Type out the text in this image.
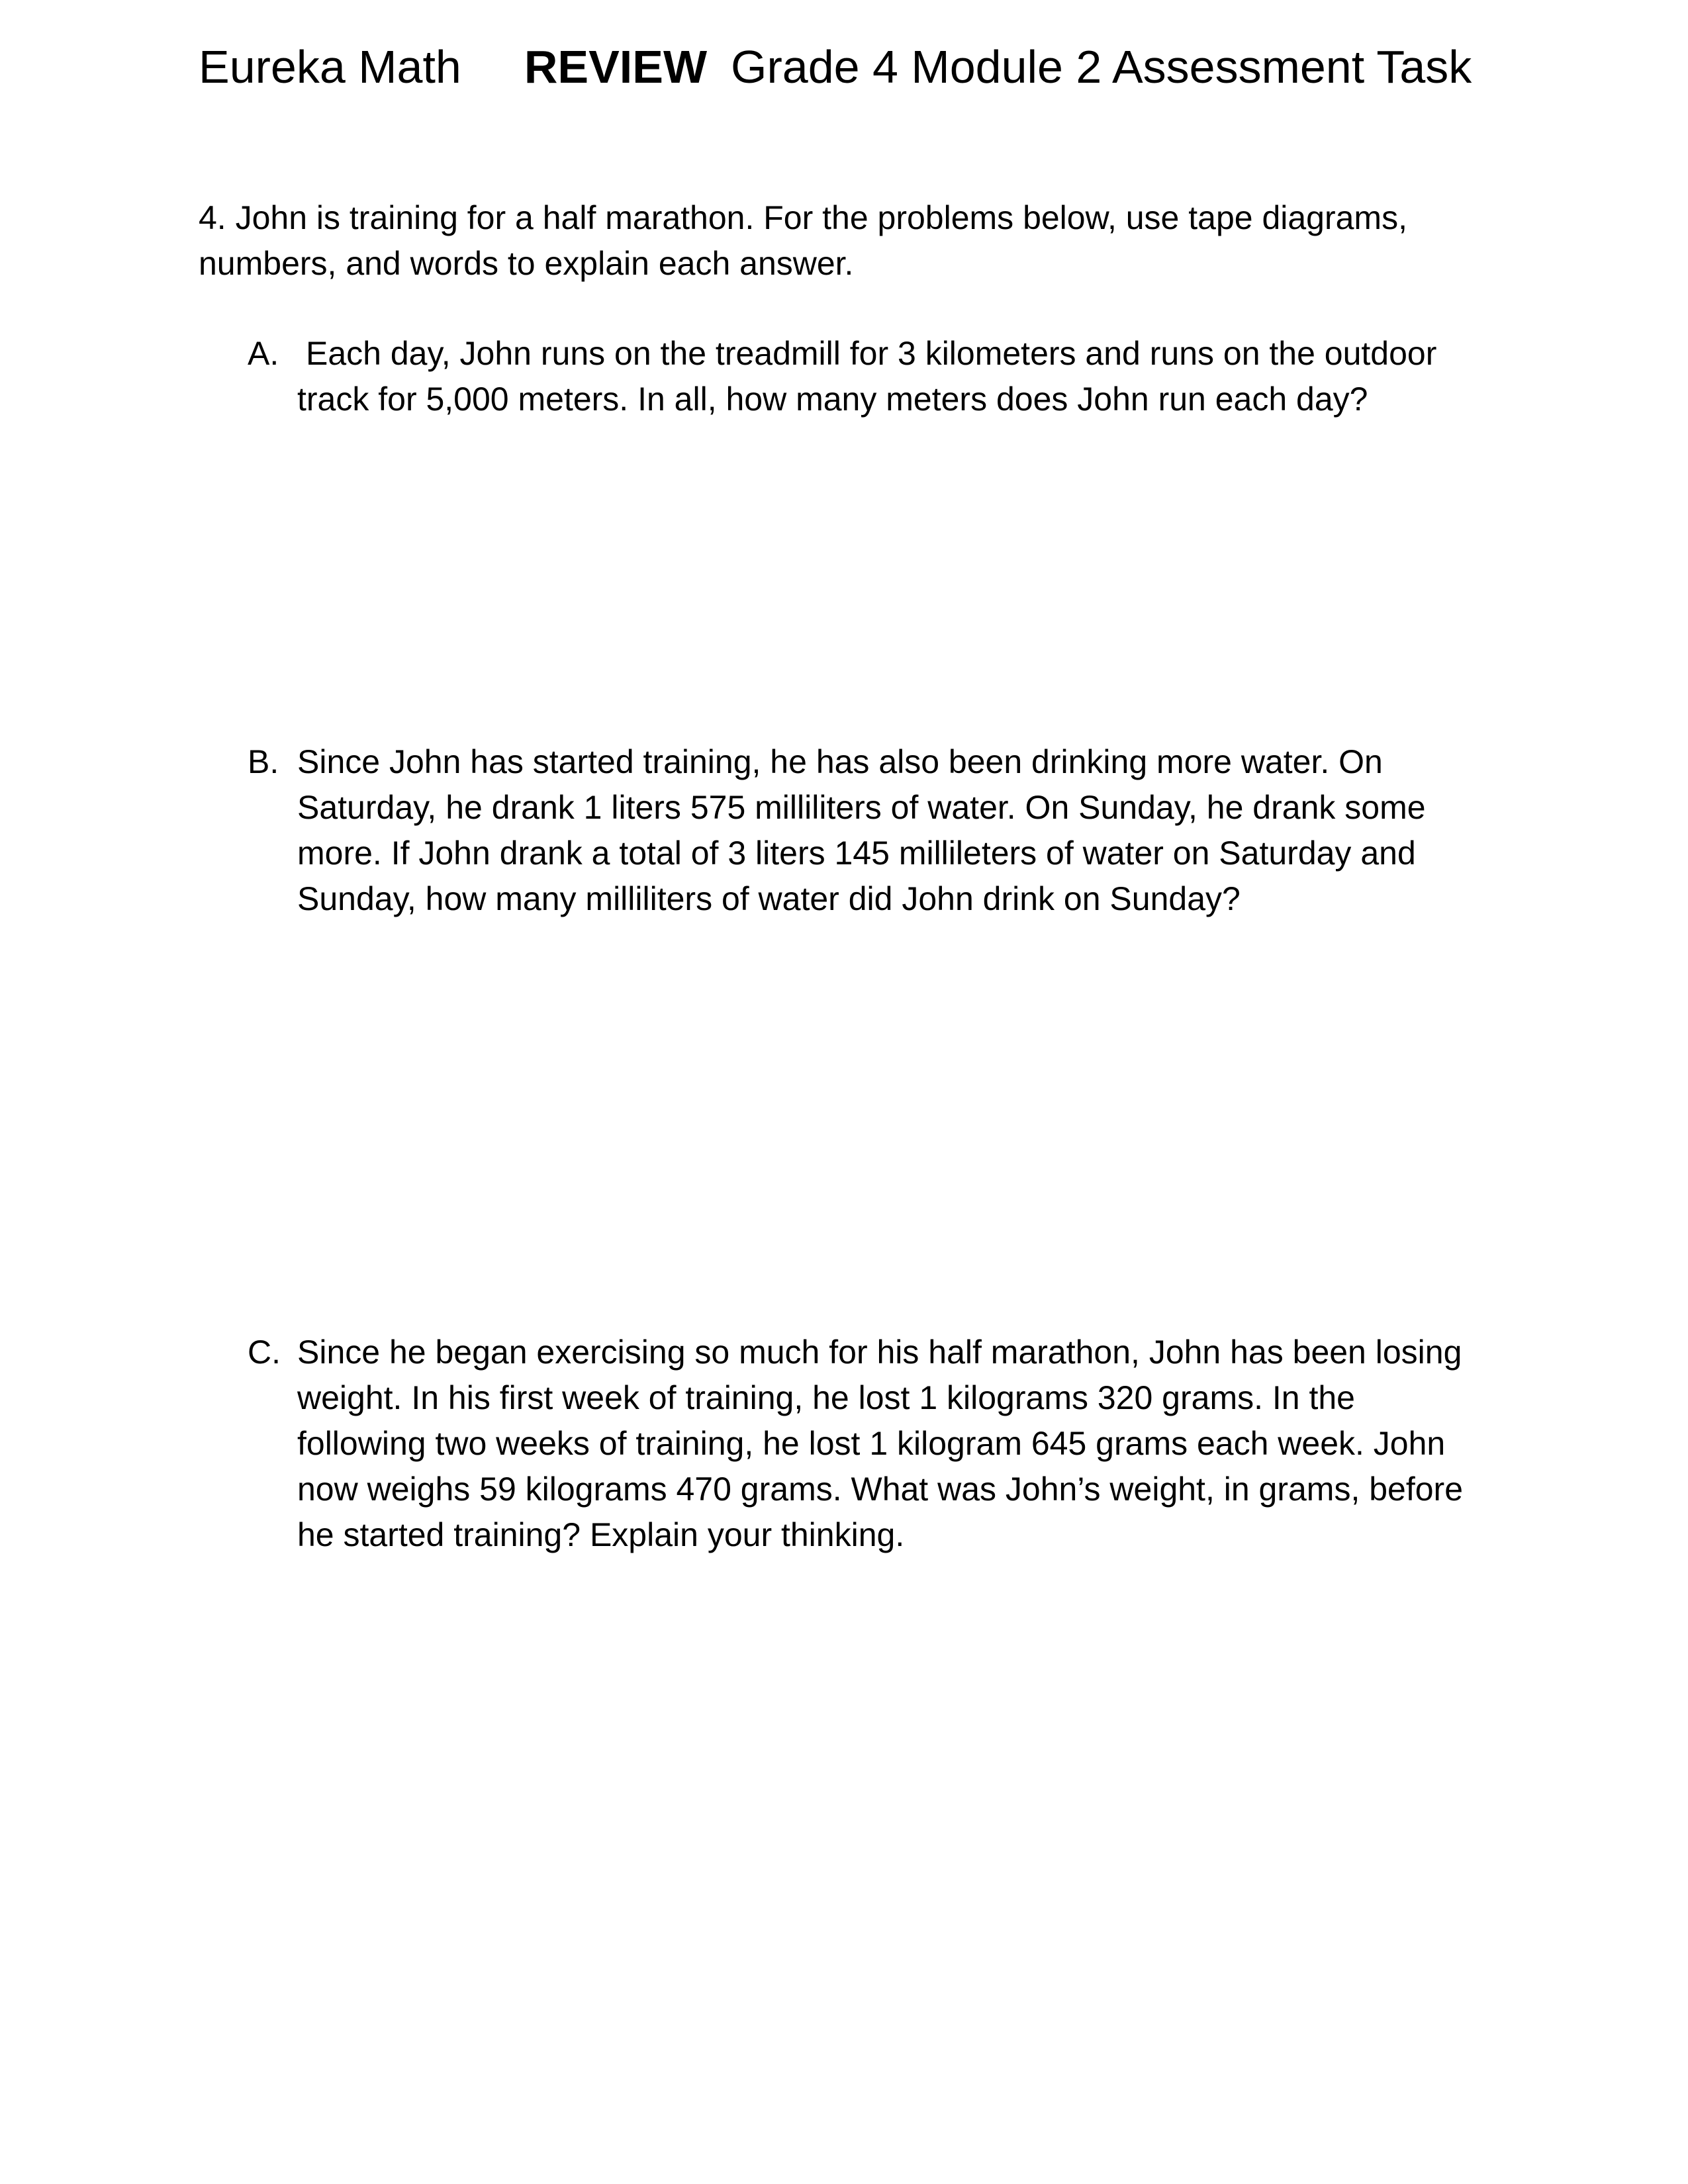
Eureka Math REVIEW Grade 4 Module 2 Assessment Task
4. John is training for a half marathon. For the problems below, use tape diagrams, numbers, and words to explain each answer.
A. Each day, John runs on the treadmill for 3 kilometers and runs on the outdoor track for 5,000 meters. In all, how many meters does John run each day?
B. Since John has started training, he has also been drinking more water. On Saturday, he drank 1 liters 575 milliliters of water. On Sunday, he drank some more. If John drank a total of 3 liters 145 millileters of water on Saturday and Sunday, how many milliliters of water did John drink on Sunday?
C. Since he began exercising so much for his half marathon, John has been losing weight. In his first week of training, he lost 1 kilograms 320 grams. In the following two weeks of training, he lost 1 kilogram 645 grams each week. John now weighs 59 kilograms 470 grams. What was John’s weight, in grams, before he started training? Explain your thinking.
